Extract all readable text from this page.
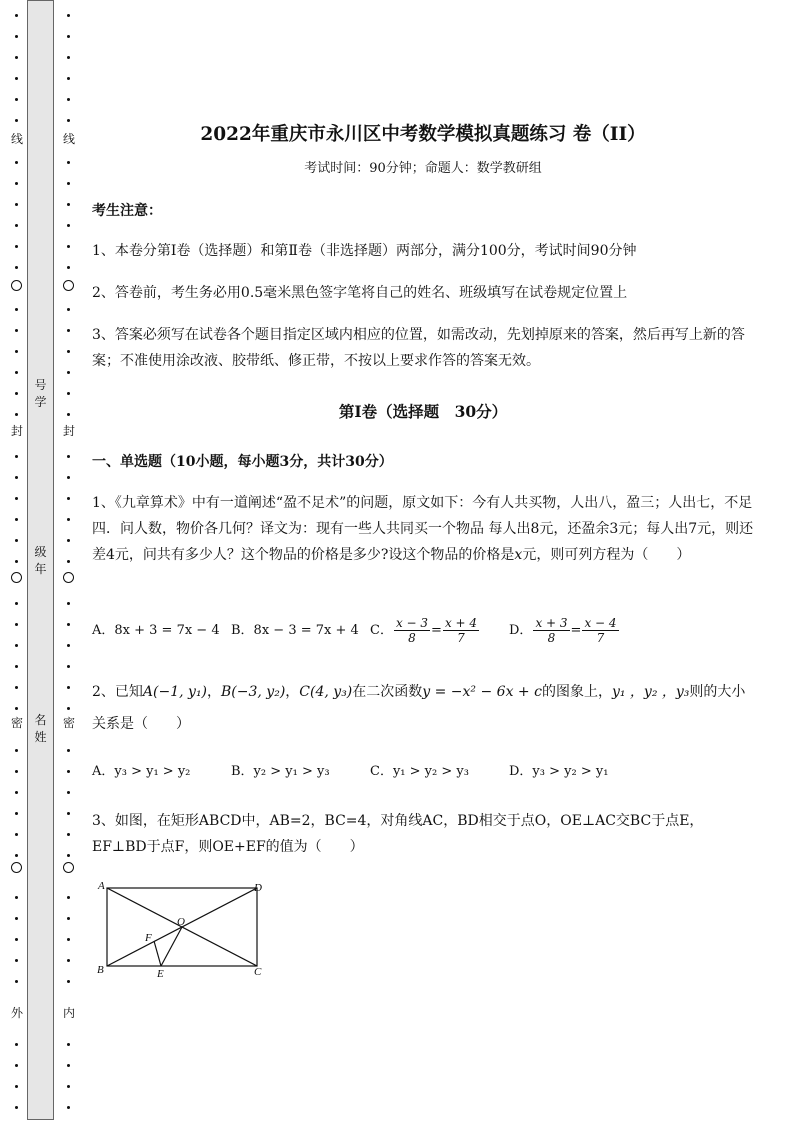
线
封
密
外
线
封
密
内
号
学
级
年
名
姓
2022年重庆市永川区中考数学模拟真题练习 卷（II）
考试时间：90分钟；命题人：数学教研组
考生注意：
1、本卷分第I卷（选择题）和第Ⅱ卷（非选择题）两部分，满分100分，考试时间90分钟
2、答卷前，考生务必用0.5毫米黑色签字笔将自己的姓名、班级填写在试卷规定位置上
3、答案必须写在试卷各个题目指定区域内相应的位置，如需改动，先划掉原来的答案，然后再写上新的答案；不准使用涂改液、胶带纸、修正带，不按以上要求作答的答案无效。
第I卷（选择题　30分）
一、单选题（10小题，每小题3分，共计30分）
1、《九章算术》中有一道阐述“盈不足术”的问题，原文如下：今有人共买物，人出八，盈三；人出七，不足四．问人数，物价各几何？译文为：现有一些人共同买一个物品 每人出8元，还盈余3元；每人出7元，则还差4元，问共有多少人？这个物品的价格是多少?设这个物品的价格是x元，则可列方程为（　　）
A．8x + 3 = 7x − 4 B．8x − 3 = 7x + 4 C． $\frac{x - 3}{8} = \frac{x + 4}{7}$ D． $\frac{x + 3}{8} = \frac{x - 4}{7}$
2、已知A(−1, y₁)，B(−3, y₂)，C(4, y₃)在二次函数y = −x² − 6x + c的图象上，y₁ ，y₂ ，y₃则的大小关系是（　　）
A．y₃ > y₁ > y₂	B．y₂ > y₁ > y₃	C．y₁ > y₂ > y₃	D．y₃ > y₂ > y₁
3、如图，在矩形ABCD中，AB=2，BC=4，对角线AC，BD相交于点O，OE⊥AC交BC于点E，EF⊥BD于点F，则OE+EF的值为（　　）
A	D
B	C
O
E
F
